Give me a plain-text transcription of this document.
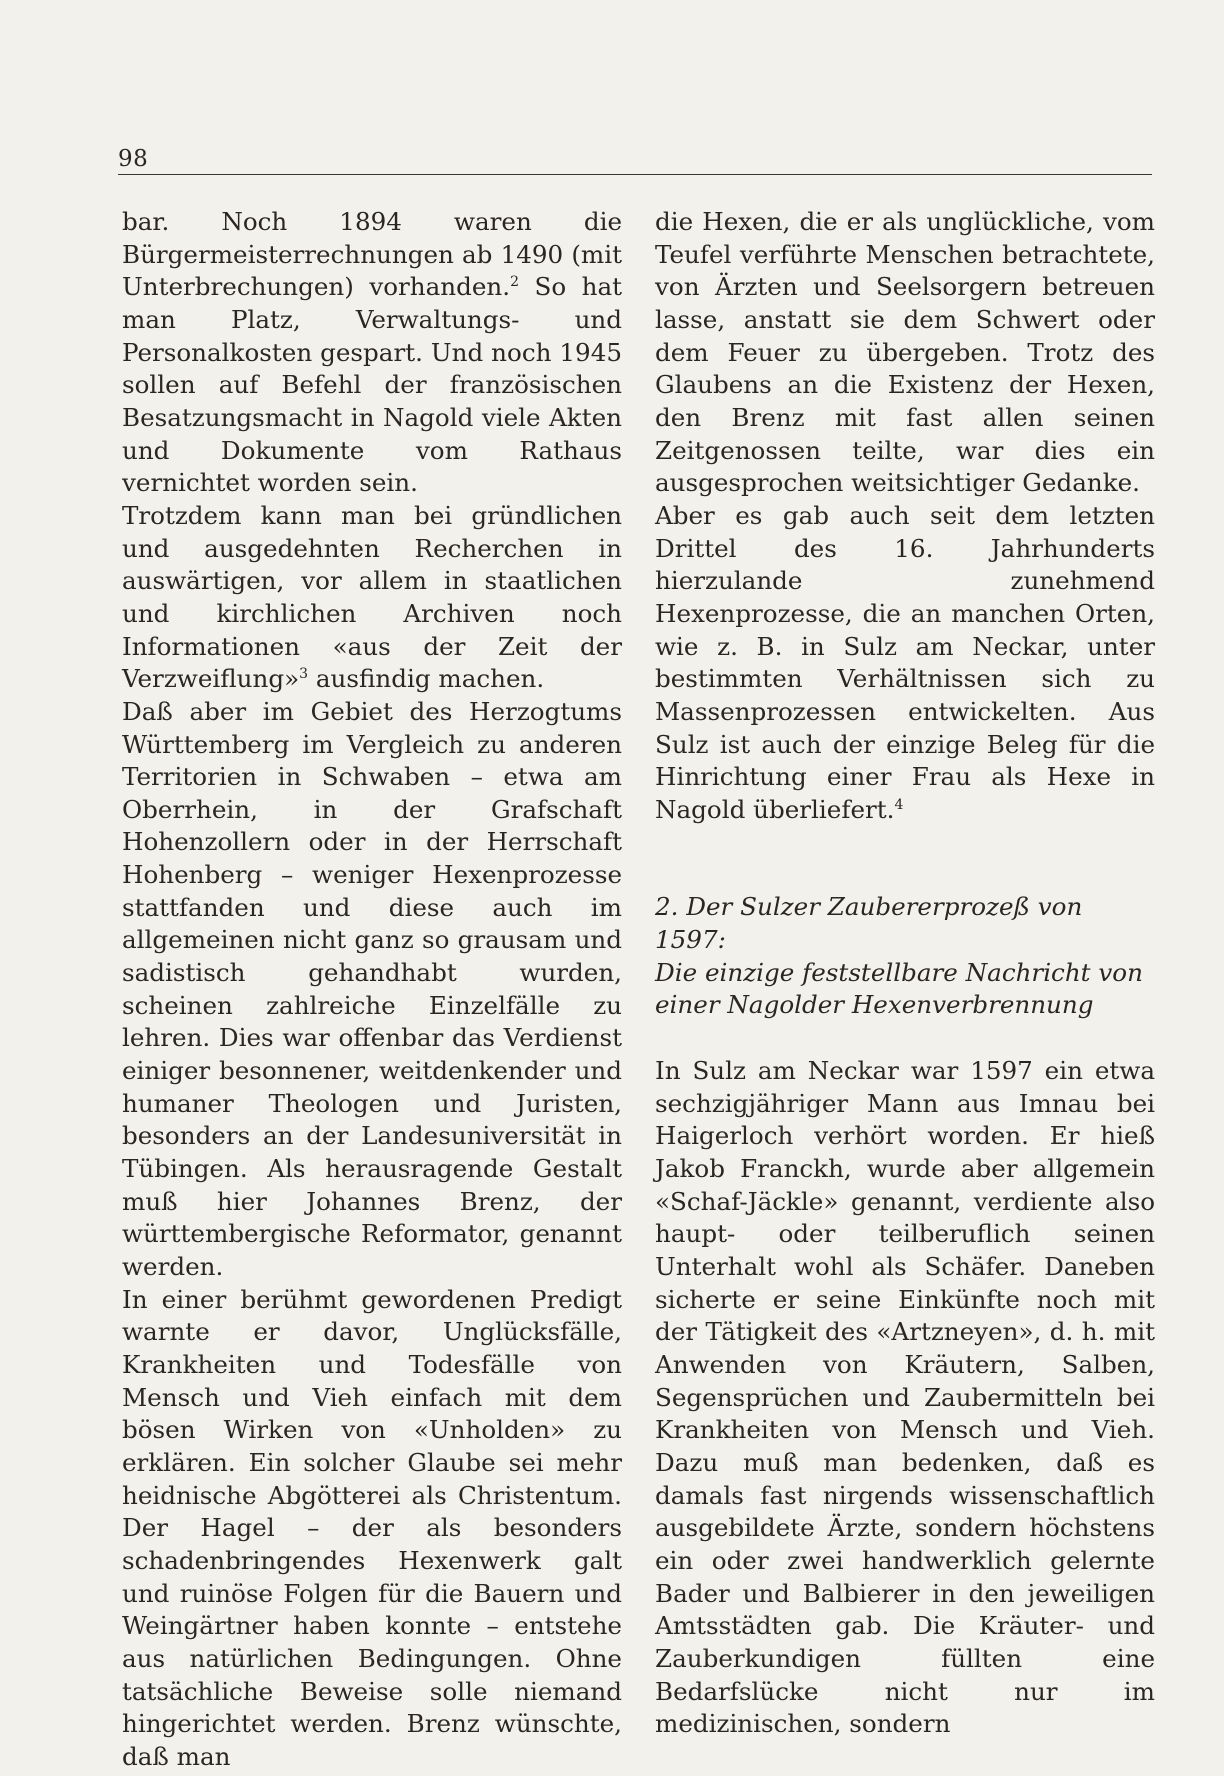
98

bar. Noch 1894 waren die Bürgermeisterrechnungen ab 1490 (mit Unterbrechungen) vorhanden.$^2$ So hat man Platz, Verwaltungs- und Personalkosten gespart. Und noch 1945 sollen auf Befehl der französischen Besatzungsmacht in Nagold viele Akten und Dokumente vom Rathaus vernichtet worden sein.

Trotzdem kann man bei gründlichen und ausgedehnten Recherchen in auswärtigen, vor allem in staatlichen und kirchlichen Archiven noch Informationen «aus der Zeit der Verzweiflung»$^3$ ausfindig machen.

Daß aber im Gebiet des Herzogtums Württemberg im Vergleich zu anderen Territorien in Schwaben – etwa am Oberrhein, in der Grafschaft Hohenzollern oder in der Herrschaft Hohenberg – weniger Hexenprozesse stattfanden und diese auch im allgemeinen nicht ganz so grausam und sadistisch gehandhabt wurden, scheinen zahlreiche Einzelfälle zu lehren. Dies war offenbar das Verdienst einiger besonnener, weitdenkender und humaner Theologen und Juristen, besonders an der Landesuniversität in Tübingen. Als herausragende Gestalt muß hier Johannes Brenz, der württembergische Reformator, genannt werden.

In einer berühmt gewordenen Predigt warnte er davor, Unglücksfälle, Krankheiten und Todesfälle von Mensch und Vieh einfach mit dem bösen Wirken von «Unholden» zu erklären. Ein solcher Glaube sei mehr heidnische Abgötterei als Christentum. Der Hagel – der als besonders schadenbringendes Hexenwerk galt und ruinöse Folgen für die Bauern und Weingärtner haben konnte – entstehe aus natürlichen Bedingungen. Ohne tatsächliche Beweise solle niemand hingerichtet werden. Brenz wünschte, daß man

die Hexen, die er als unglückliche, vom Teufel verführte Menschen betrachtete, von Ärzten und Seelsorgern betreuen lasse, anstatt sie dem Schwert oder dem Feuer zu übergeben. Trotz des Glaubens an die Existenz der Hexen, den Brenz mit fast allen seinen Zeitgenossen teilte, war dies ein ausgesprochen weitsichtiger Gedanke.

Aber es gab auch seit dem letzten Drittel des 16. Jahrhunderts hierzulande zunehmend Hexenprozesse, die an manchen Orten, wie z. B. in Sulz am Neckar, unter bestimmten Verhältnissen sich zu Massenprozessen entwickelten. Aus Sulz ist auch der einzige Beleg für die Hinrichtung einer Frau als Hexe in Nagold überliefert.$^4$

2. Der Sulzer Zaubererprozeß von 1597:
Die einzige feststellbare Nachricht von
einer Nagolder Hexenverbrennung

In Sulz am Neckar war 1597 ein etwa sechzigjähriger Mann aus Imnau bei Haigerloch verhört worden. Er hieß Jakob Franckh, wurde aber allgemein «Schaf-Jäckle» genannt, verdiente also haupt- oder teilberuflich seinen Unterhalt wohl als Schäfer. Daneben sicherte er seine Einkünfte noch mit der Tätigkeit des «Artzneyen», d. h. mit Anwenden von Kräutern, Salben, Segensprüchen und Zaubermitteln bei Krankheiten von Mensch und Vieh. Dazu muß man bedenken, daß es damals fast nirgends wissenschaftlich ausgebildete Ärzte, sondern höchstens ein oder zwei handwerklich gelernte Bader und Balbierer in den jeweiligen Amtsstädten gab. Die Kräuter- und Zauberkundigen füllten eine Bedarfslücke nicht nur im medizinischen, sondern
